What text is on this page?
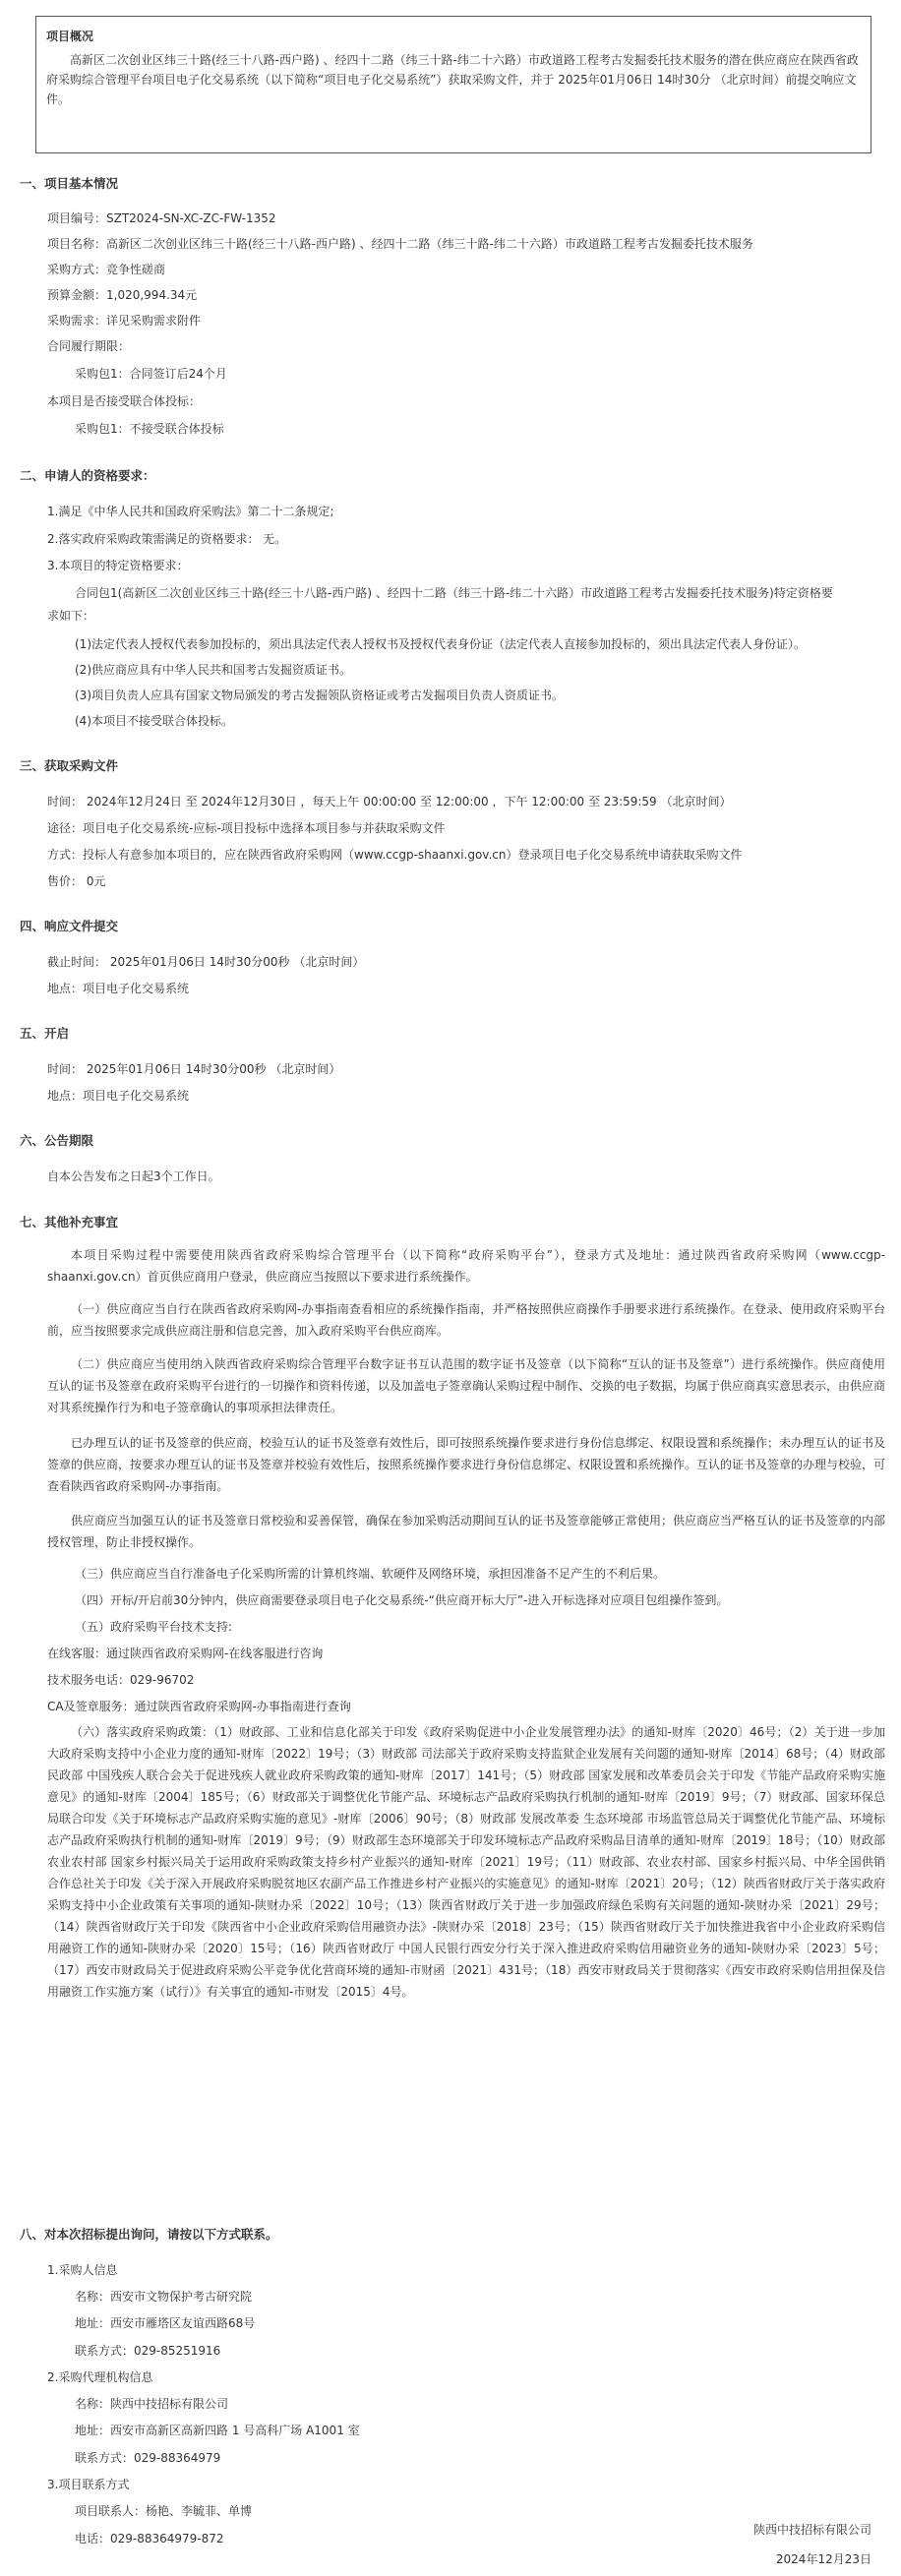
项目概况
高新区二次创业区纬三十路(经三十八路-西户路) 、经四十二路（纬三十路-纬二十六路）市政道路工程考古发掘委托技术服务的潜在供应商应在陕西省政府采购综合管理平台项目电子化交易系统（以下简称“项目电子化交易系统”）获取采购文件，并于 2025年01月06日 14时30分 （北京时间）前提交响应文件。
一、项目基本情况
项目编号：SZT2024-SN-XC-ZC-FW-1352
项目名称：高新区二次创业区纬三十路(经三十八路-西户路) 、经四十二路（纬三十路-纬二十六路）市政道路工程考古发掘委托技术服务
采购方式：竞争性磋商
预算金额：1,020,994.34元
采购需求：详见采购需求附件
合同履行期限：
采购包1：合同签订后24个月
本项目是否接受联合体投标：
采购包1：不接受联合体投标
二、申请人的资格要求：
1.满足《中华人民共和国政府采购法》第二十二条规定;
2.落实政府采购政策需满足的资格要求： 无。
3.本项目的特定资格要求：
合同包1(高新区二次创业区纬三十路(经三十八路-西户路) 、经四十二路（纬三十路-纬二十六路）市政道路工程考古发掘委托技术服务)特定资格要
求如下：
(1)法定代表人授权代表参加投标的，须出具法定代表人授权书及授权代表身份证（法定代表人直接参加投标的，须出具法定代表人身份证）。
(2)供应商应具有中华人民共和国考古发掘资质证书。
(3)项目负责人应具有国家文物局颁发的考古发掘领队资格证或考古发掘项目负责人资质证书。
(4)本项目不接受联合体投标。
三、获取采购文件
时间： 2024年12月24日 至 2024年12月30日 ，每天上午 00:00:00 至 12:00:00 ，下午 12:00:00 至 23:59:59 （北京时间）
途径：项目电子化交易系统-应标-项目投标中选择本项目参与并获取采购文件
方式：投标人有意参加本项目的，应在陕西省政府采购网（www.ccgp-shaanxi.gov.cn）登录项目电子化交易系统申请获取采购文件
售价： 0元
四、响应文件提交
截止时间： 2025年01月06日 14时30分00秒 （北京时间）
地点：项目电子化交易系统
五、开启
时间： 2025年01月06日 14时30分00秒 （北京时间）
地点：项目电子化交易系统
六、公告期限
自本公告发布之日起3个工作日。
七、其他补充事宜
本项目采购过程中需要使用陕西省政府采购综合管理平台（以下简称“政府采购平台”），登录方式及地址：通过陕西省政府采购网（www.ccgp-shaanxi.gov.cn）首页供应商用户登录，供应商应当按照以下要求进行系统操作。
（一）供应商应当自行在陕西省政府采购网-办事指南查看相应的系统操作指南，并严格按照供应商操作手册要求进行系统操作。在登录、使用政府采购平台前，应当按照要求完成供应商注册和信息完善，加入政府采购平台供应商库。
（二）供应商应当使用纳入陕西省政府采购综合管理平台数字证书互认范围的数字证书及签章（以下简称“互认的证书及签章”）进行系统操作。供应商使用互认的证书及签章在政府采购平台进行的一切操作和资料传递，以及加盖电子签章确认采购过程中制作、交换的电子数据，均属于供应商真实意思表示，由供应商对其系统操作行为和电子签章确认的事项承担法律责任。
已办理互认的证书及签章的供应商，校验互认的证书及签章有效性后，即可按照系统操作要求进行身份信息绑定、权限设置和系统操作；未办理互认的证书及签章的供应商，按要求办理互认的证书及签章并校验有效性后，按照系统操作要求进行身份信息绑定、权限设置和系统操作。互认的证书及签章的办理与校验，可查看陕西省政府采购网-办事指南。
供应商应当加强互认的证书及签章日常校验和妥善保管，确保在参加采购活动期间互认的证书及签章能够正常使用；供应商应当严格互认的证书及签章的内部授权管理，防止非授权操作。
（三）供应商应当自行准备电子化采购所需的计算机终端、软硬件及网络环境，承担因准备不足产生的不利后果。
（四）开标/开启前30分钟内，供应商需要登录项目电子化交易系统-“供应商开标大厅”-进入开标选择对应项目包组操作签到。
（五）政府采购平台技术支持:
在线客服：通过陕西省政府采购网-在线客服进行咨询
技术服务电话：029-96702
CA及签章服务：通过陕西省政府采购网-办事指南进行查询
（六）落实政府采购政策：（1）财政部、工业和信息化部关于印发《政府采购促进中小企业发展管理办法》的通知-财库〔2020〕46号；（2）关于进一步加大政府采购支持中小企业力度的通知-财库〔2022〕19号；（3）财政部 司法部关于政府采购支持监狱企业发展有关问题的通知-财库〔2014〕68号；（4）财政部 民政部 中国残疾人联合会关于促进残疾人就业政府采购政策的通知-财库〔2017〕141号；（5）财政部 国家发展和改革委员会关于印发《节能产品政府采购实施意见》的通知-财库〔2004〕185号；（6）财政部关于调整优化节能产品、环境标志产品政府采购执行机制的通知-财库〔2019〕9号；（7）财政部、国家环保总局联合印发《关于环境标志产品政府采购实施的意见》-财库〔2006〕90号；（8）财政部 发展改革委 生态环境部 市场监管总局关于调整优化节能产品、环境标志产品政府采购执行机制的通知-财库〔2019〕9号；（9）财政部生态环境部关于印发环境标志产品政府采购品目清单的通知-财库〔2019〕18号；（10）财政部 农业农村部 国家乡村振兴局关于运用政府采购政策支持乡村产业振兴的通知-财库〔2021〕19号；（11）财政部、农业农村部、国家乡村振兴局、中华全国供销合作总社关于印发《关于深入开展政府采购脱贫地区农副产品工作推进乡村产业振兴的实施意见》的通知-财库〔2021〕20号；（12）陕西省财政厅关于落实政府采购支持中小企业政策有关事项的通知-陕财办采〔2022〕10号；（13）陕西省财政厅关于进一步加强政府绿色采购有关问题的通知-陕财办采〔2021〕29号；（14）陕西省财政厅关于印发《陕西省中小企业政府采购信用融资办法》-陕财办采〔2018〕23号；（15）陕西省财政厅关于加快推进我省中小企业政府采购信用融资工作的通知-陕财办采〔2020〕15号；（16）陕西省财政厅 中国人民银行西安分行关于深入推进政府采购信用融资业务的通知-陕财办采〔2023〕5号；（17）西安市财政局关于促进政府采购公平竞争优化营商环境的通知-市财函〔2021〕431号；（18）西安市财政局关于贯彻落实《西安市政府采购信用担保及信用融资工作实施方案（试行）》有关事宜的通知-市财发〔2015〕4号。
八、对本次招标提出询问，请按以下方式联系。
1.采购人信息
名称：西安市文物保护考古研究院
地址：西安市雁塔区友谊西路68号
联系方式：029-85251916
2.采购代理机构信息
名称：陕西中技招标有限公司
地址：西安市高新区高新四路 1 号高科广场 A1001 室
联系方式：029-88364979
3.项目联系方式
项目联系人：杨艳、李毓菲、单博
电话：029-88364979-872
陕西中技招标有限公司
2024年12月23日
